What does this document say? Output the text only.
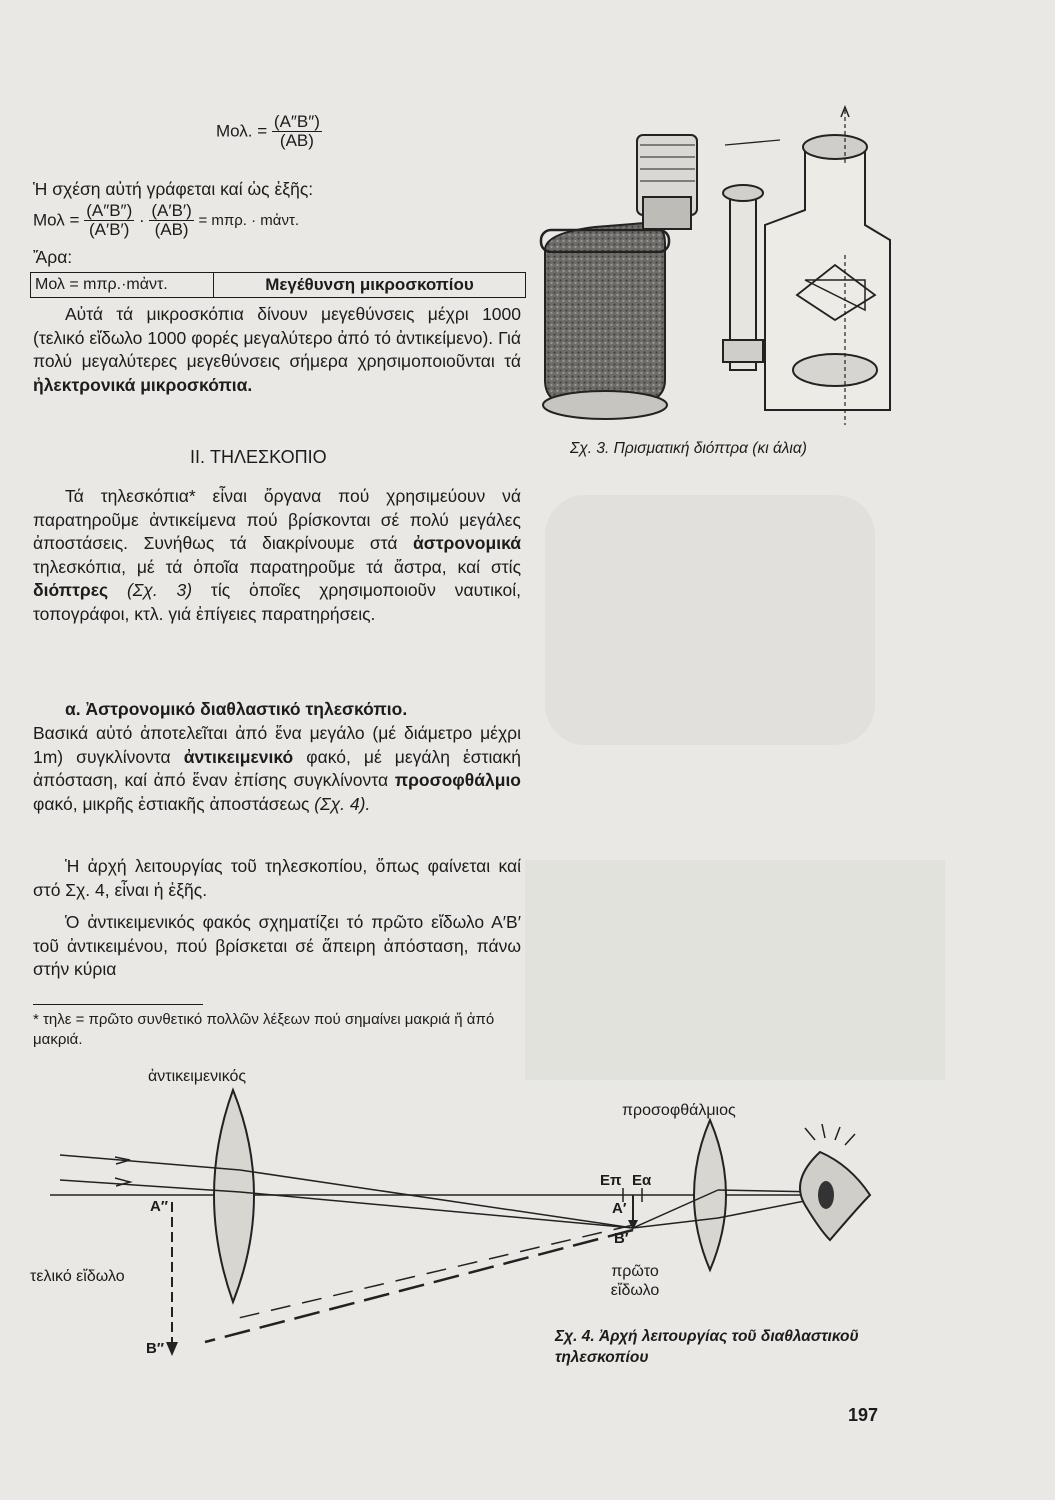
Mολ. = $\frac{(A''B'')}{(AB)}$

Ἡ σχέση αὐτή γράφεται καί ὡς ἑξῆς:

$Mo\lambda = \frac{(A''B'')}{(A'B')} \cdot \frac{(A'B')}{(AB)} = m\pi\rho$. · mἀντ.

Ἄρα:

Mολ = mπρ.·mἀντ.	Μεγέθυνση μικροσκοπίου

Αὐτά τά μικροσκόπια δίνουν μεγεθύνσεις μέχρι 1000 (τελικό εἴδωλο 1000 φορές μεγαλύτερο ἀπό τό ἀντικείμενο). Γιά πολύ μεγαλύτερες μεγεθύνσεις σήμερα χρησιμοποιοῦνται τά ἠλεκτρονικά μικροσκόπια.

II. ΤΗΛΕΣΚΟΠΙΟ

Τά τηλεσκόπια* εἶναι ὄργανα πού χρησιμεύουν νά παρατηροῦμε ἀντικείμενα πού βρίσκονται σέ πολύ μεγάλες ἀποστάσεις. Συνήθως τά διακρίνουμε στά ἀστρονομικά τηλεσκόπια, μέ τά ὁποῖα παρατηροῦμε τά ἄστρα, καί στίς διόπτρες (Σχ. 3) τίς ὁποῖες χρησιμοποιοῦν ναυτικοί, τοπογράφοι, κτλ. γιά ἐπίγειες παρατηρήσεις.

α. Ἀστρονομικό διαθλαστικό τηλεσκόπιο.

Βασικά αὐτό ἀποτελεῖται ἀπό ἕνα μεγάλο (μέ διάμετρο μέχρι 1m) συγκλίνοντα ἀντικειμενικό φακό, μέ μεγάλη ἑστιακή ἀπόσταση, καί ἀπό ἕναν ἐπίσης συγκλίνοντα προσοφθάλμιο φακό, μικρῆς ἑστιακῆς ἀποστάσεως (Σχ. 4).

Ἡ ἀρχή λειτουργίας τοῦ τηλεσκοπίου, ὅπως φαίνεται καί στό Σχ. 4, εἶναι ἡ ἑξῆς.

Ὁ ἀντικειμενικός φακός σχηματίζει τό πρῶτο εἴδωλο Α′Β′ τοῦ ἀντικειμένου, πού βρίσκεται σέ ἄπειρη ἀπόσταση, πάνω στήν κύρια

* τηλε = πρῶτο συνθετικό πολλῶν λέξεων πού σημαίνει μακριά ἤ ἀπό μακριά.
Σχ. 3. Πρισματική διόπτρα (κι άλια)
ἀντικειμενικός
προσοφθάλμιος
τελικό εἴδωλο	πρῶτο εἴδωλο
A″
B″
A′
B′
Eπ Eα
Σχ. 4. Ἀρχή λειτουργίας τοῦ διαθλαστικοῦ τηλεσκοπίου
197
